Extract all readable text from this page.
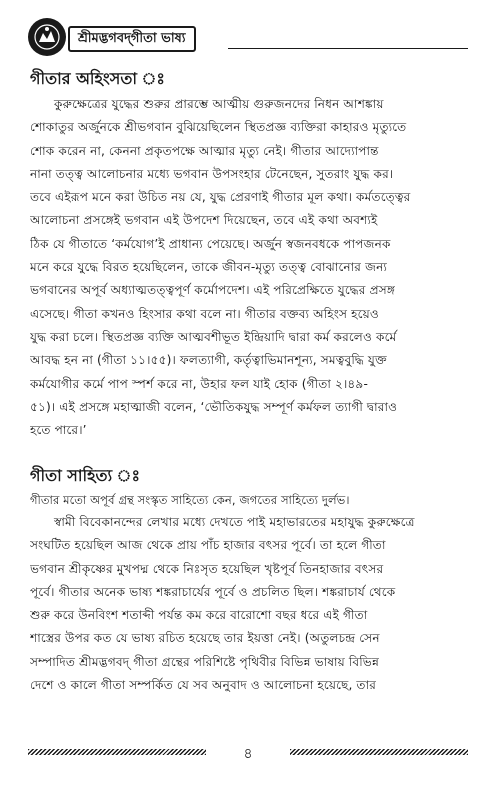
শ্রীমদ্ভগবদ্‌গীতা ভাষ্য
গীতার অহিংসতা ঃ
কুরুক্ষেত্রের যুদ্ধের শুরুর প্রারম্ভে আত্মীয় গুরুজনদের নিধন আশঙ্কায়
শোকাতুর অর্জুনকে শ্রীভগবান বুঝিয়েছিলেন স্থিতপ্রজ্ঞ ব্যক্তিরা কাহারও মৃত্যুতে
শোক করেন না, কেননা প্রকৃতপক্ষে আত্মার মৃত্যু নেই। গীতার আদ্যোপান্ত
নানা তত্ত্ব আলোচনার মধ্যে ভগবান উপসংহার টেনেছেন, সুতরাং যুদ্ধ কর।
তবে এইরূপ মনে করা উচিত নয় যে, যুদ্ধ প্রেরণাই গীতার মূল কথা। কর্মতত্ত্বের
আলোচনা প্রসঙ্গেই ভগবান এই উপদেশ দিয়েছেন, তবে এই কথা অবশ্যই
ঠিক যে গীতাতে ‘কর্মযোগ’ই প্রাধান্য পেয়েছে। অর্জুন স্বজনবধকে পাপজনক
মনে করে যুদ্ধে বিরত হয়েছিলেন, তাকে জীবন-মৃত্যু তত্ত্ব বোঝানোর জন্য
ভগবানের অপূর্ব অধ্যাত্মতত্ত্বপূর্ণ কর্মোপদেশ। এই পরিপ্রেক্ষিতে যুদ্ধের প্রসঙ্গ
এসেছে। গীতা কখনও হিংসার কথা বলে না। গীতার বক্তব্য অহিংস হয়েও
যুদ্ধ করা চলে। স্থিতপ্রজ্ঞ ব্যক্তি আত্মবশীভূত ইন্দ্রিয়াদি দ্বারা কর্ম করলেও কর্মে
আবদ্ধ হন না (গীতা ১১।৫৫)। ফলত্যাগী, কর্তৃত্বাভিমানশূন্য, সমত্ববুদ্ধি যুক্ত
কর্মযোগীর কর্মে পাপ স্পর্শ করে না, উহার ফল যাই হোক (গীতা ২।৪৯-
৫১)। এই প্রসঙ্গে মহাত্মাজী বলেন, ‘ভৌতিকযুদ্ধ সম্পূর্ণ কর্মফল ত্যাগী দ্বারাও
হতে পারে।’
গীতা সাহিত্য ঃ
গীতার মতো অপূর্ব গ্রন্থ সংস্কৃত সাহিত্যে কেন, জগতের সাহিত্যে দুর্লভ।
স্বামী বিবেকানন্দের লেখার মধ্যে দেখতে পাই মহাভারতের মহাযুদ্ধ কুরুক্ষেত্রে
সংঘটিত হয়েছিল আজ থেকে প্রায় পাঁচ হাজার বৎসর পূর্বে। তা হলে গীতা
ভগবান শ্রীকৃষ্ণের মুখপদ্ম থেকে নিঃসৃত হয়েছিল খৃষ্টপূর্ব তিনহাজার বৎসর
পূর্বে। গীতার অনেক ভাষ্য শঙ্করাচার্যের পূর্বে ও প্রচলিত ছিল। শঙ্করাচার্য থেকে
শুরু করে উনবিংশ শতাব্দী পর্যন্ত কম করে বারোশো বছর ধরে এই গীতা
শাস্ত্রের উপর কত যে ভাষ্য রচিত হয়েছে তার ইয়ত্তা নেই। (অতুলচন্দ্র সেন
সম্পাদিত শ্রীমদ্ভগবদ্‌ গীতা গ্রন্থের পরিশিষ্টে পৃথিবীর বিভিন্ন ভাষায় বিভিন্ন
দেশে ও কালে গীতা সম্পর্কিত যে সব অনুবাদ ও আলোচনা হয়েছে, তার
৪
